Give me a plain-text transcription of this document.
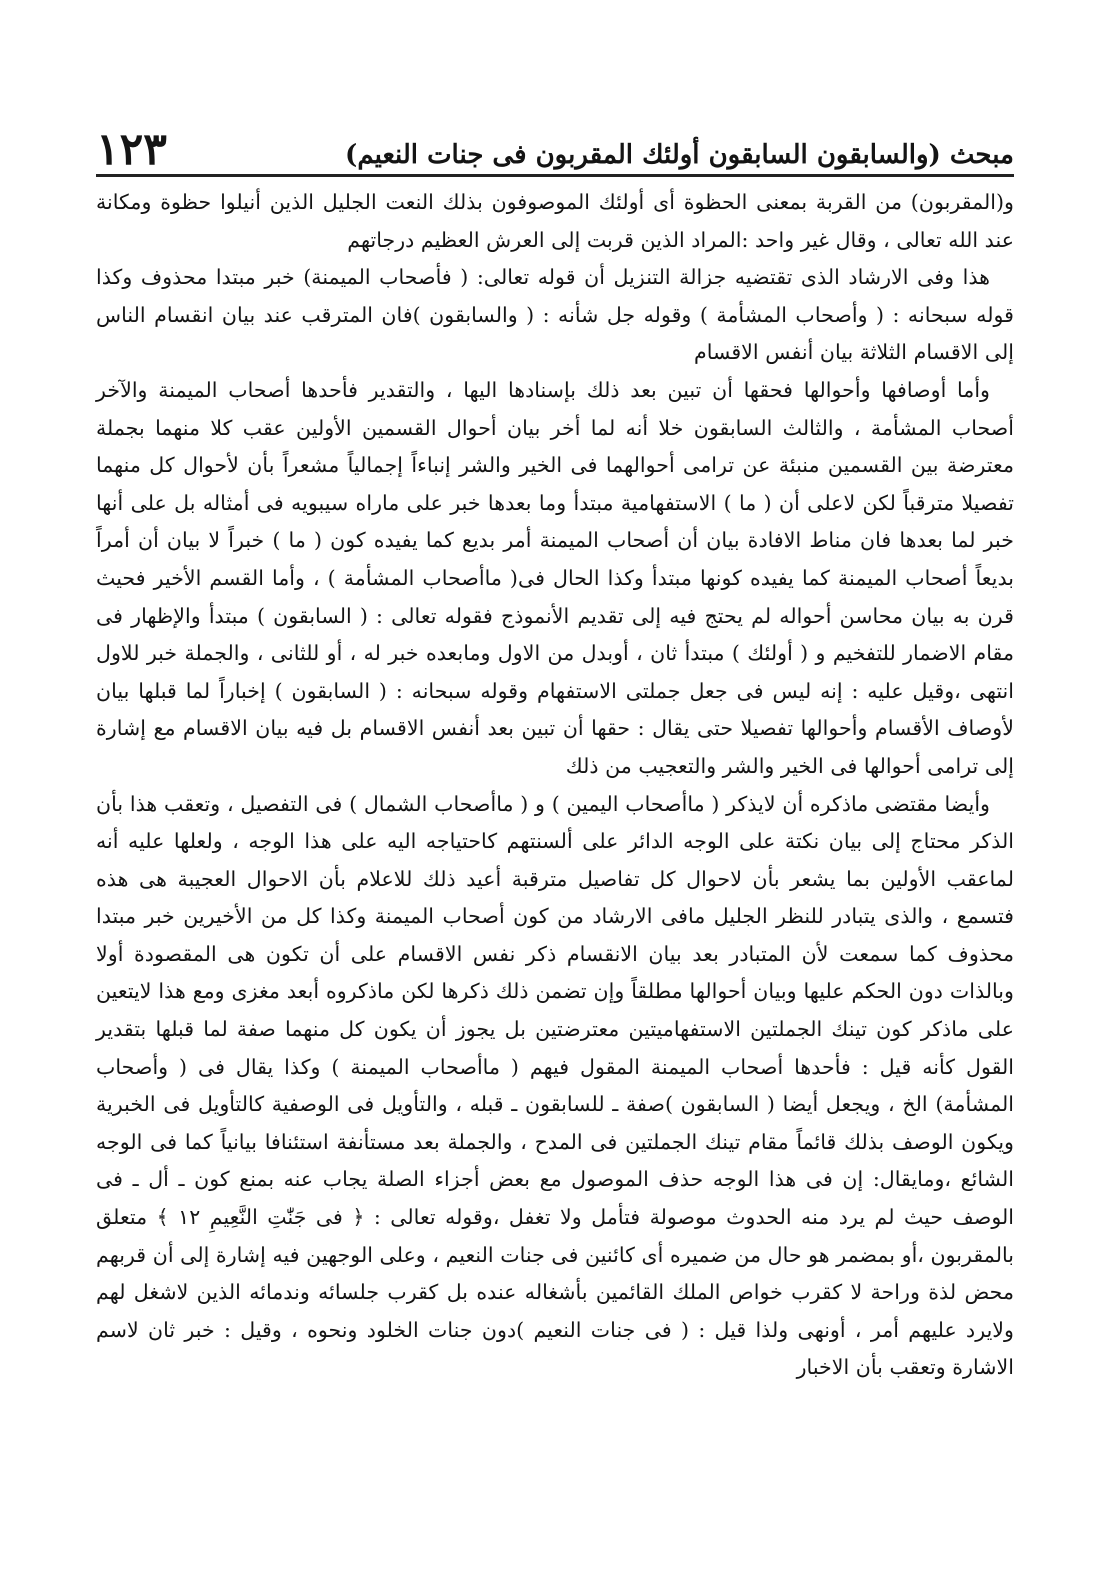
مبحث (والسابقون السابقون أولئك المقربون فى جنات النعيم)
١٢٣

و(المقربون) من القربة بمعنى الحظوة أى أولئك الموصوفون بذلك النعت الجليل الذين أنيلوا حظوة ومكانة عند الله تعالى ، وقال غير واحد :المراد الذين قربت إلى العرش العظيم درجاتهم

هذا وفى الارشاد الذى تقتضيه جزالة التنزيل أن قوله تعالى: ( فأصحاب الميمنة) خبر مبتدا محذوف وكذا قوله سبحانه : ( وأصحاب المشأمة ) وقوله جل شأنه : ( والسابقون )فان المترقب عند بيان انقسام الناس إلى الاقسام الثلاثة بيان أنفس الاقسام

وأما أوصافها وأحوالها فحقها أن تبين بعد ذلك بإسنادها اليها ، والتقدير فأحدها أصحاب الميمنة والآخر أصحاب المشأمة ، والثالث السابقون خلا أنه لما أخر بيان أحوال القسمين الأولين عقب كلا منهما بجملة معترضة بين القسمين منبئة عن ترامى أحوالهما فى الخير والشر إنباءاً إجمالياً مشعراً بأن لأحوال كل منهما تفصيلا مترقباً لكن لاعلى أن ( ما ) الاستفهامية مبتدأ وما بعدها خبر على ماراه سيبويه فى أمثاله بل على أنها خبر لما بعدها فان مناط الافادة بيان أن أصحاب الميمنة أمر بديع كما يفيده كون ( ما ) خبراً لا بيان أن أمراً بديعاً أصحاب الميمنة كما يفيده كونها مبتدأ وكذا الحال فى( ماأصحاب المشأمة ) ، وأما القسم الأخير فحيث قرن به بيان محاسن أحواله لم يحتج فيه إلى تقديم الأنموذج فقوله تعالى : ( السابقون ) مبتدأ والإظهار فى مقام الاضمار للتفخيم و ( أولئك ) مبتدأ ثان ، أوبدل من الاول ومابعده خبر له ، أو للثانى ، والجملة خبر للاول انتهى ،وقيل عليه : إنه ليس فى جعل جملتى الاستفهام وقوله سبحانه : ( السابقون ) إخباراً لما قبلها بيان لأوصاف الأقسام وأحوالها تفصيلا حتى يقال : حقها أن تبين بعد أنفس الاقسام بل فيه بيان الاقسام مع إشارة إلى ترامى أحوالها فى الخير والشر والتعجيب من ذلك

وأيضا مقتضى ماذكره أن لايذكر ( ماأصحاب اليمين ) و ( ماأصحاب الشمال ) فى التفصيل ، وتعقب هذا بأن الذكر محتاج إلى بيان نكتة على الوجه الدائر على ألسنتهم كاحتياجه اليه على هذا الوجه ، ولعلها عليه أنه لماعقب الأولين بما يشعر بأن لاحوال كل تفاصيل مترقبة أعيد ذلك للاعلام بأن الاحوال العجيبة هى هذه فتسمع ، والذى يتبادر للنظر الجليل مافى الارشاد من كون أصحاب الميمنة وكذا كل من الأخيرين خبر مبتدا محذوف كما سمعت لأن المتبادر بعد بيان الانقسام ذكر نفس الاقسام على أن تكون هى المقصودة أولا وبالذات دون الحكم عليها وبيان أحوالها مطلقاً وإن تضمن ذلك ذكرها لكن ماذكروه أبعد مغزى ومع هذا لايتعين على ماذكر كون تينك الجملتين الاستفهاميتين معترضتين بل يجوز أن يكون كل منهما صفة لما قبلها بتقدير القول كأنه قيل : فأحدها أصحاب الميمنة المقول فيهم ( ماأصحاب الميمنة ) وكذا يقال فى ( وأصحاب المشأمة) الخ ، ويجعل أيضا ( السابقون )صفة ـ للسابقون ـ قبله ، والتأويل فى الوصفية كالتأويل فى الخبرية ويكون الوصف بذلك قائماً مقام تينك الجملتين فى المدح ، والجملة بعد مستأنفة استئنافا بيانياً كما فى الوجه الشائع ،ومايقال: إن فى هذا الوجه حذف الموصول مع بعض أجزاء الصلة يجاب عنه بمنع كون ـ أل ـ فى الوصف حيث لم يرد منه الحدوث موصولة فتأمل ولا تغفل ،وقوله تعالى : ﴿ فى جَنّٰتِ النَّعِيمِ ١٢ ﴾ متعلق بالمقربون ،أو بمضمر هو حال من ضميره أى كائنين فى جنات النعيم ، وعلى الوجهين فيه إشارة إلى أن قربهم محض لذة وراحة لا كقرب خواص الملك القائمين بأشغاله عنده بل كقرب جلسائه وندمائه الذين لاشغل لهم ولايرد عليهم أمر ، أونهى ولذا قيل : ( فى جنات النعيم )دون جنات الخلود ونحوه ، وقيل : خبر ثان لاسم الاشارة وتعقب بأن الاخبار
